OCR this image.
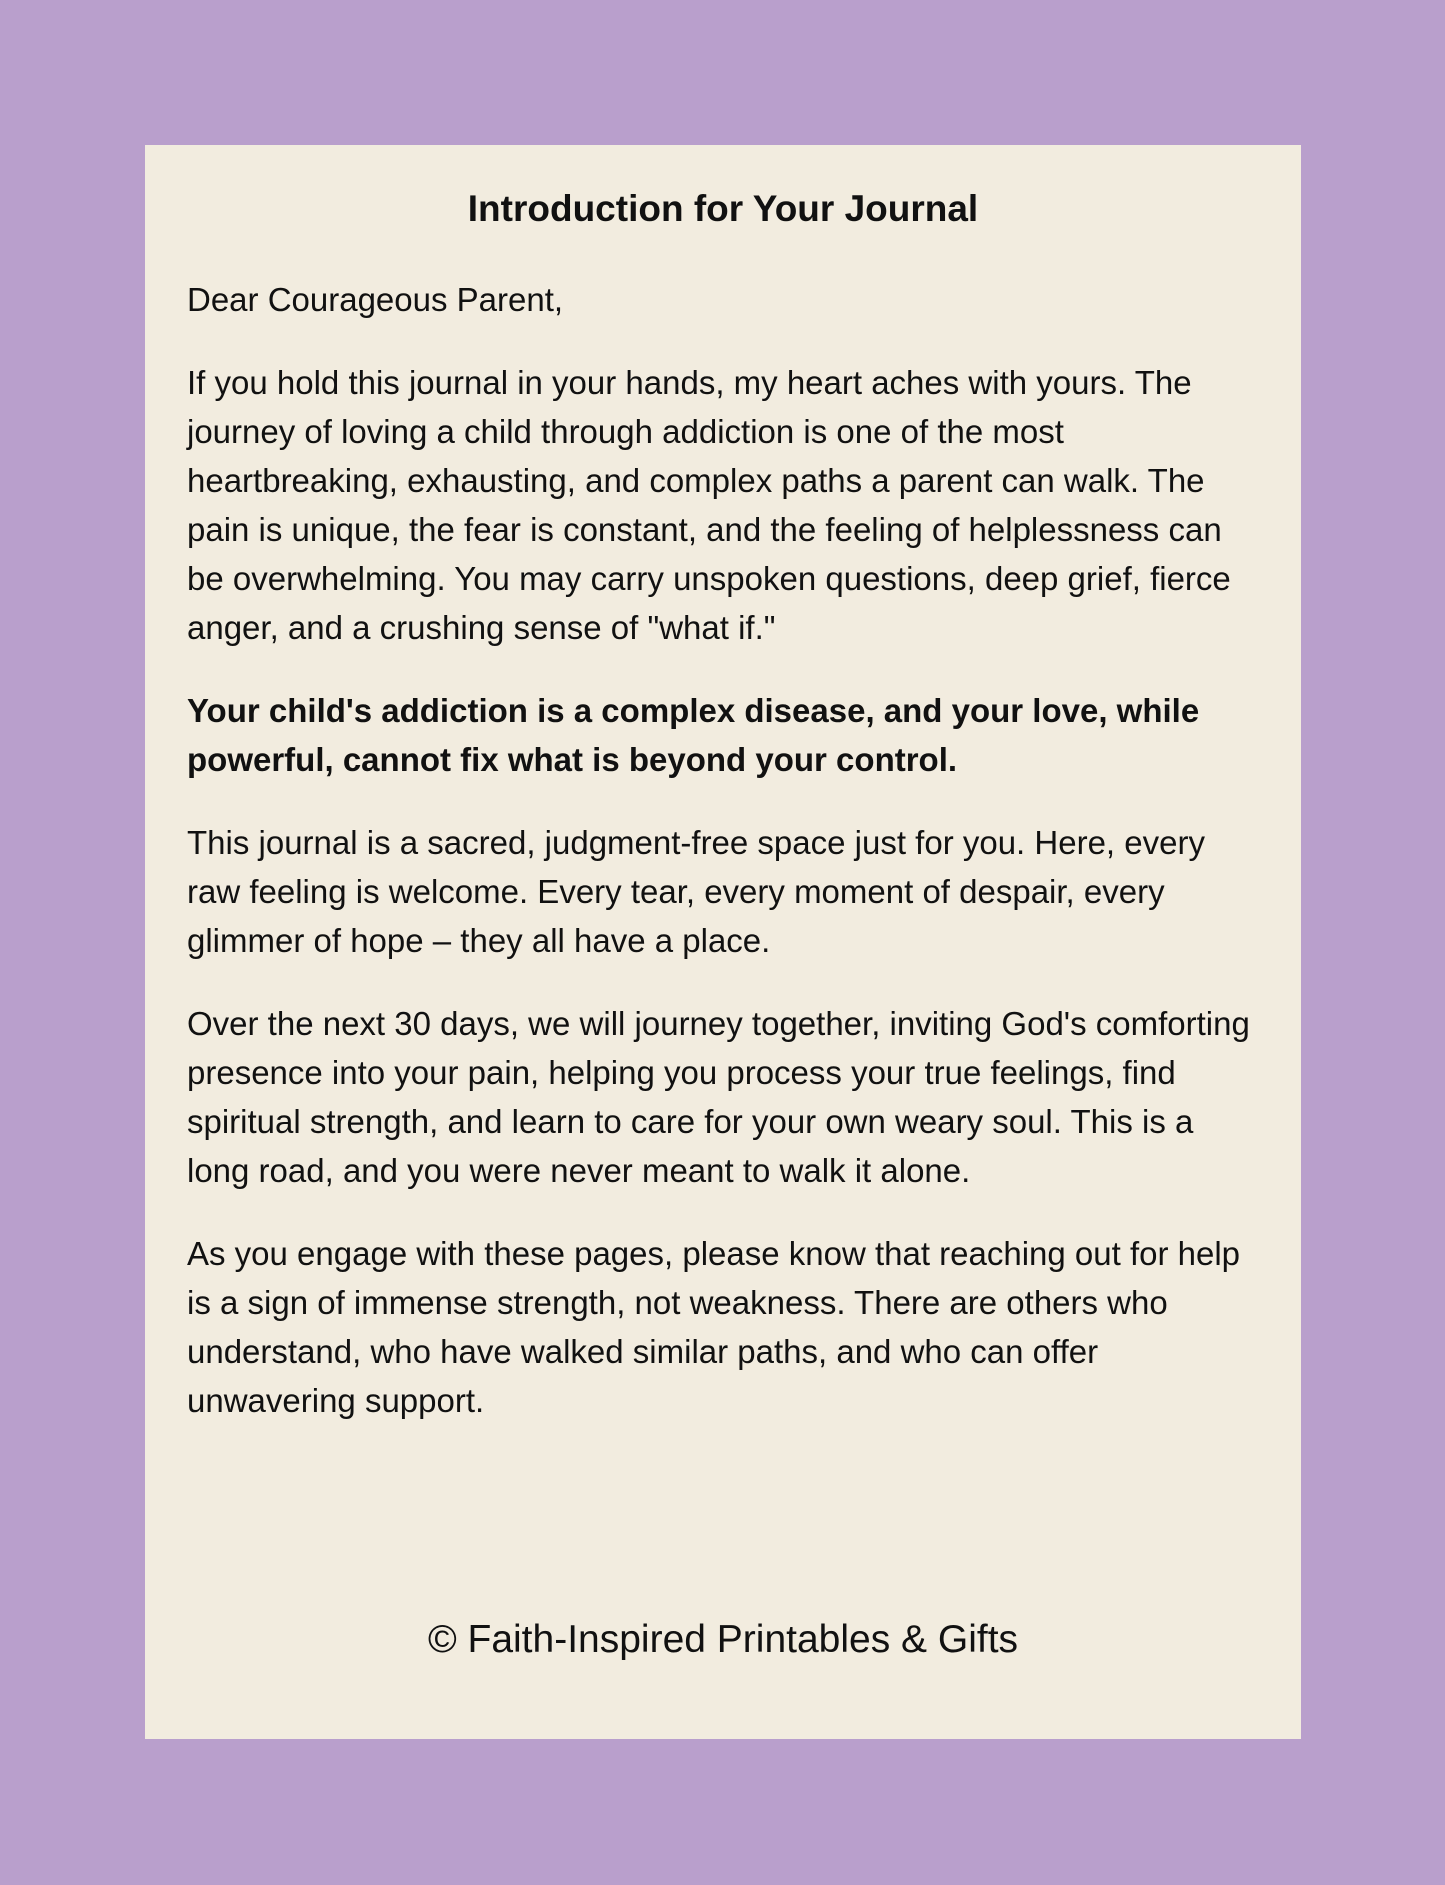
Introduction for Your Journal

Dear Courageous Parent,

If you hold this journal in your hands, my heart aches with yours. The journey of loving a child through addiction is one of the most heartbreaking, exhausting, and complex paths a parent can walk. The pain is unique, the fear is constant, and the feeling of helplessness can be overwhelming. You may carry unspoken questions, deep grief, fierce anger, and a crushing sense of "what if."

Your child's addiction is a complex disease, and your love, while powerful, cannot fix what is beyond your control.

This journal is a sacred, judgment-free space just for you. Here, every raw feeling is welcome. Every tear, every moment of despair, every glimmer of hope – they all have a place.

Over the next 30 days, we will journey together, inviting God's comforting presence into your pain, helping you process your true feelings, find spiritual strength, and learn to care for your own weary soul. This is a long road, and you were never meant to walk it alone.

As you engage with these pages, please know that reaching out for help is a sign of immense strength, not weakness. There are others who understand, who have walked similar paths, and who can offer unwavering support.

© Faith-Inspired Printables & Gifts
